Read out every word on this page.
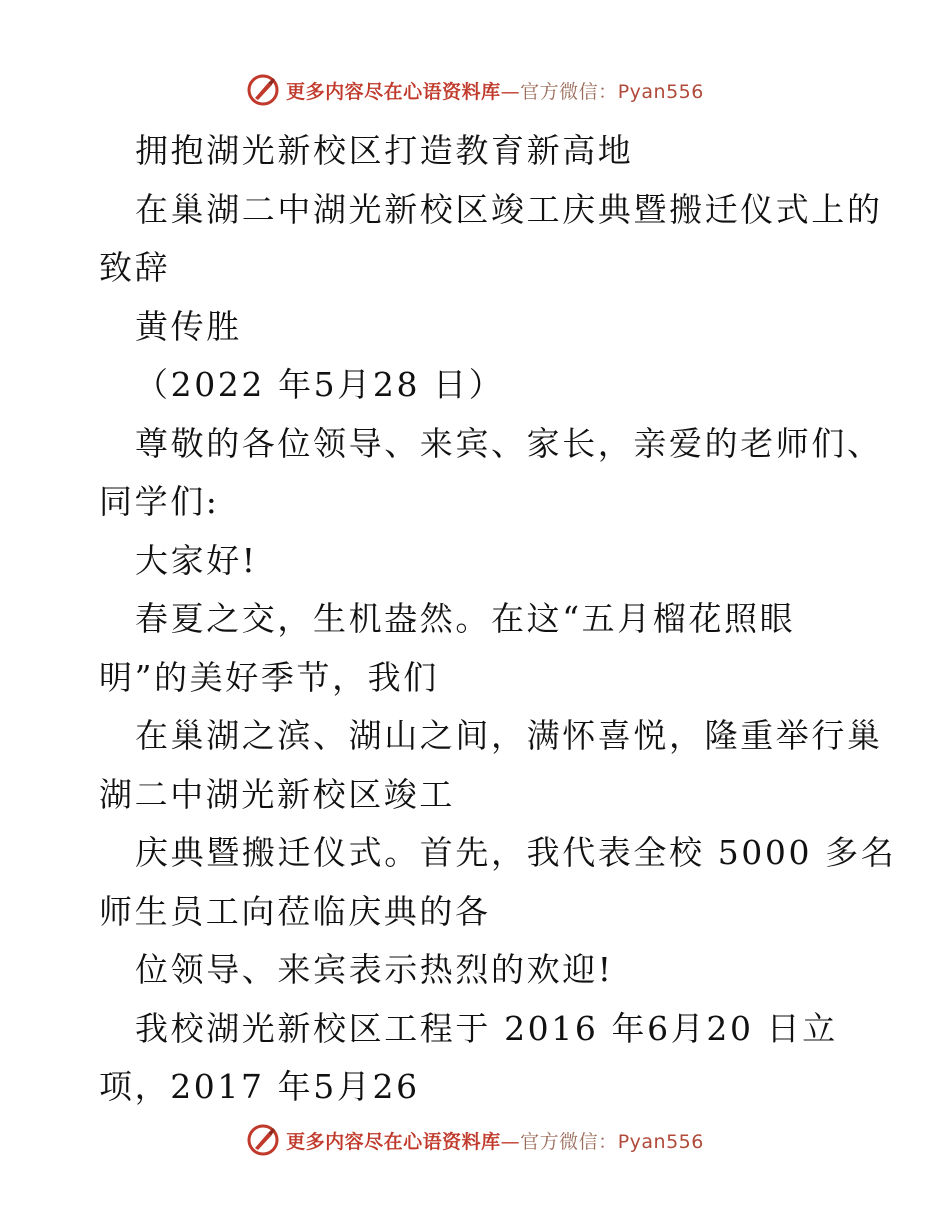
更多内容尽在心语资料库—官方微信：Pyan556
拥抱湖光新校区打造教育新高地
在巢湖二中湖光新校区竣工庆典暨搬迁仪式上的
致辞
黄传胜
（2022 年5月28 日）
尊敬的各位领导、来宾、家长，亲爱的老师们、
同学们:
大家好!
春夏之交，生机盎然。在这“五月榴花照眼
明”的美好季节，我们
在巢湖之滨、湖山之间，满怀喜悦，隆重举行巢
湖二中湖光新校区竣工
庆典暨搬迁仪式。首先，我代表全校 5000 多名
师生员工向莅临庆典的各
位领导、来宾表示热烈的欢迎!
我校湖光新校区工程于 2016 年6月20 日立
项，2017 年5月26
更多内容尽在心语资料库—官方微信：Pyan556
